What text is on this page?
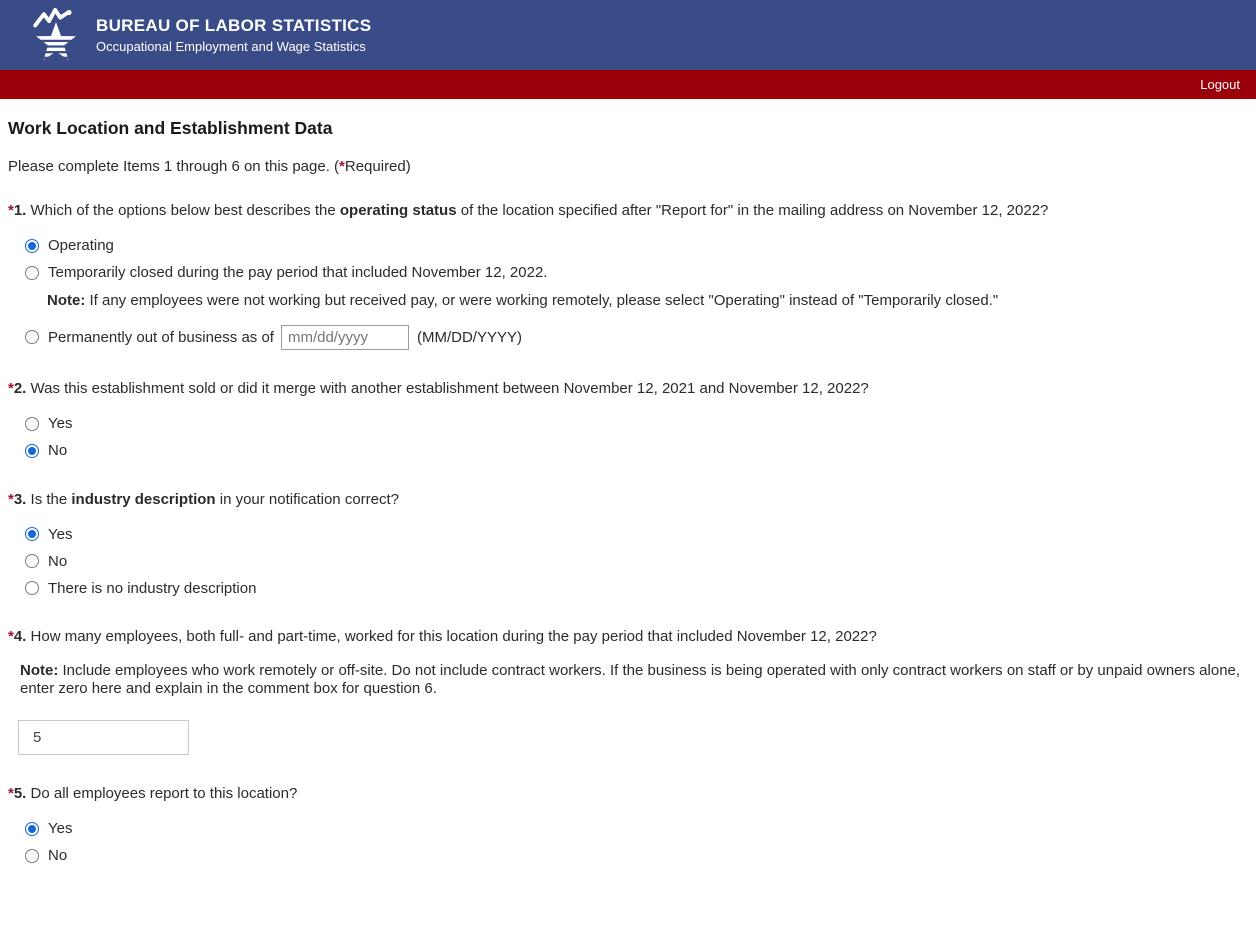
BUREAU OF LABOR STATISTICS
Occupational Employment and Wage Statistics
Logout
Work Location and Establishment Data

Please complete Items 1 through 6 on this page. (*Required)

*1. Which of the options below best describes the operating status of the location specified after "Report for" in the mailing address on November 12, 2022?

Operating
Temporarily closed during the pay period that included November 12, 2022.

Note: If any employees were not working but received pay, or were working remotely, please select "Operating" instead of "Temporarily closed."

Permanently out of business as of
mm/dd/yyyy	(MM/DD/YYYY)

*2. Was this establishment sold or did it merge with another establishment between November 12, 2021 and November 12, 2022?

Yes
No

*3. Is the industry description in your notification correct?

Yes
No
There is no industry description

*4. How many employees, both full- and part-time, worked for this location during the pay period that included November 12, 2022?

Note: Include employees who work remotely or off-site. Do not include contract workers. If the business is being operated with only contract workers on staff or by unpaid owners alone, enter zero here and explain in the comment box for question 6.

5

*5. Do all employees report to this location?

Yes
No
